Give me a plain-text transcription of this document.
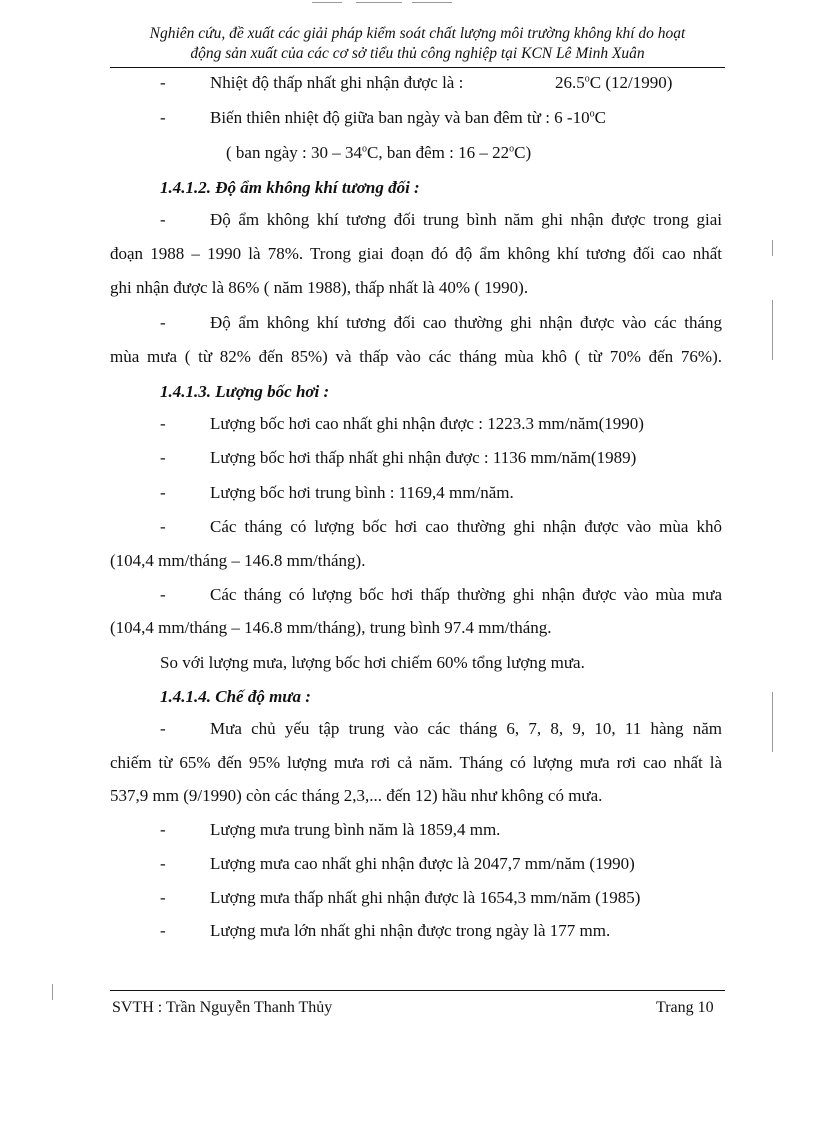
Nghiên cứu, đề xuất các giải pháp kiểm soát chất lượng môi trường không khí do hoạt
động sản xuất của các cơ sở tiểu thủ công nghiệp tại KCN Lê Minh Xuân
-	Nhiệt độ thấp nhất ghi nhận được là :	26.5$^o$C (12/1990)
-	Biến thiên nhiệt độ giữa ban ngày và ban đêm từ : 6 -10$^o$C
( ban ngày : 30 – 34$^o$C, ban đêm : 16 – 22$^o$C)
1.4.1.2. Độ ẩm không khí tương đối :
-	Độ ẩm không khí tương đối trung bình năm ghi nhận được trong giai
đoạn 1988 – 1990 là 78%. Trong giai đoạn đó độ ẩm không khí tương đối cao nhất
ghi nhận được là 86% ( năm 1988), thấp nhất là 40% ( 1990).
-	Độ ẩm không khí tương đối cao thường ghi nhận được vào các tháng
mùa mưa ( từ 82% đến 85%) và thấp vào các tháng mùa khô ( từ 70% đến 76%).
1.4.1.3. Lượng bốc hơi :
-	Lượng bốc hơi cao nhất ghi nhận được : 1223.3 mm/năm(1990)
-	Lượng bốc hơi thấp nhất ghi nhận được : 1136 mm/năm(1989)
-	Lượng bốc hơi trung bình : 1169,4 mm/năm.
-	Các tháng có lượng bốc hơi cao thường ghi nhận được vào mùa khô
(104,4 mm/tháng – 146.8 mm/tháng).
-	Các tháng có lượng bốc hơi thấp thường ghi nhận được vào mùa mưa
(104,4 mm/tháng – 146.8 mm/tháng), trung bình 97.4 mm/tháng.
So với lượng mưa, lượng bốc hơi chiếm 60% tổng lượng mưa.
1.4.1.4. Chế độ mưa :
-	Mưa chủ yếu tập trung vào các tháng 6, 7, 8, 9, 10, 11 hàng năm
chiếm từ 65% đến 95% lượng mưa rơi cả năm. Tháng có lượng mưa rơi cao nhất là
537,9 mm (9/1990) còn các tháng 2,3,... đến 12) hầu như không có mưa.
-	Lượng mưa trung bình năm là 1859,4 mm.
-	Lượng mưa cao nhất ghi nhận được là 2047,7 mm/năm (1990)
-	Lượng mưa thấp nhất ghi nhận được là 1654,3 mm/năm (1985)
-	Lượng mưa lớn nhất ghi nhận được trong ngày là 177 mm.
SVTH : Trần Nguyễn Thanh Thủy	Trang 10
